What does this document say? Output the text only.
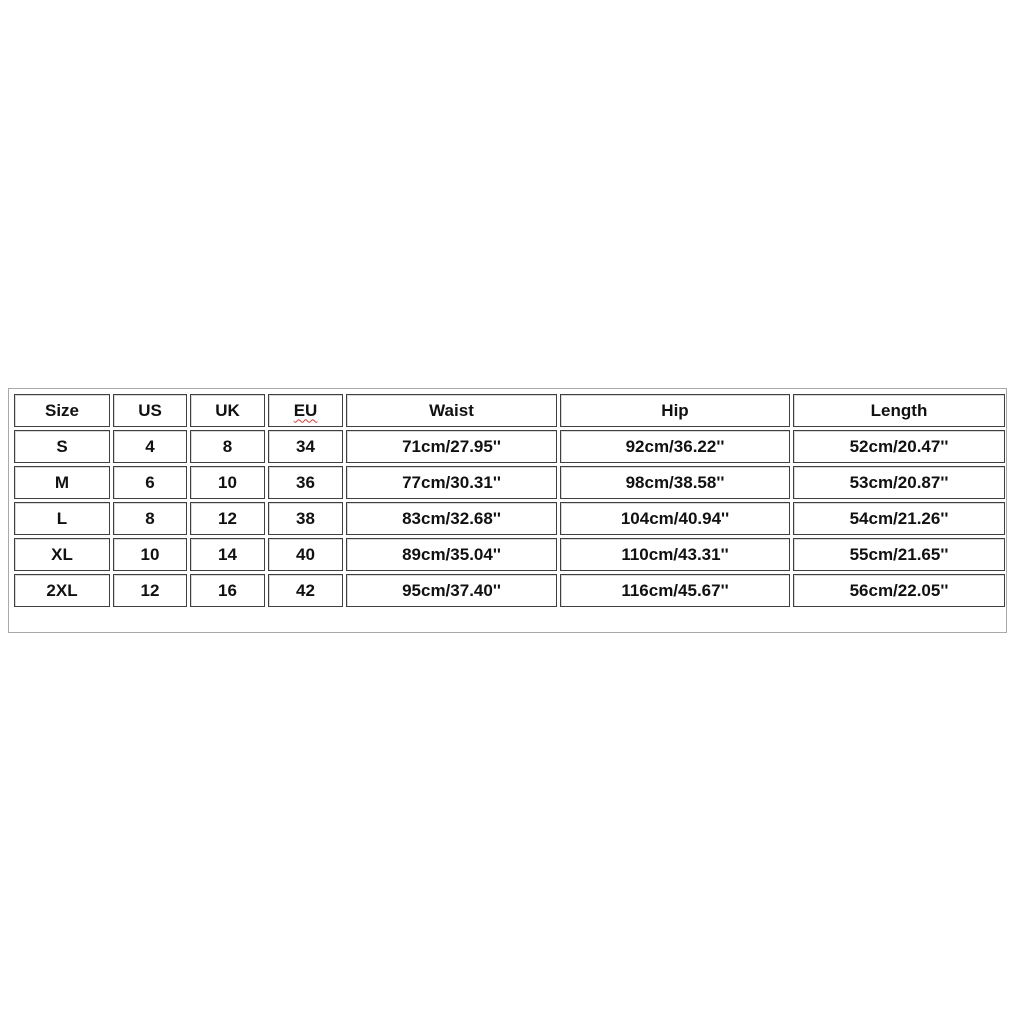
Size	US	UK	EU	Waist	Hip	Length
S	4	8	34	71cm/27.95''	92cm/36.22''	52cm/20.47''
M	6	10	36	77cm/30.31''	98cm/38.58''	53cm/20.87''
L	8	12	38	83cm/32.68''	104cm/40.94''	54cm/21.26''
XL	10	14	40	89cm/35.04''	110cm/43.31''	55cm/21.65''
2XL	12	16	42	95cm/37.40''	116cm/45.67''	56cm/22.05''
